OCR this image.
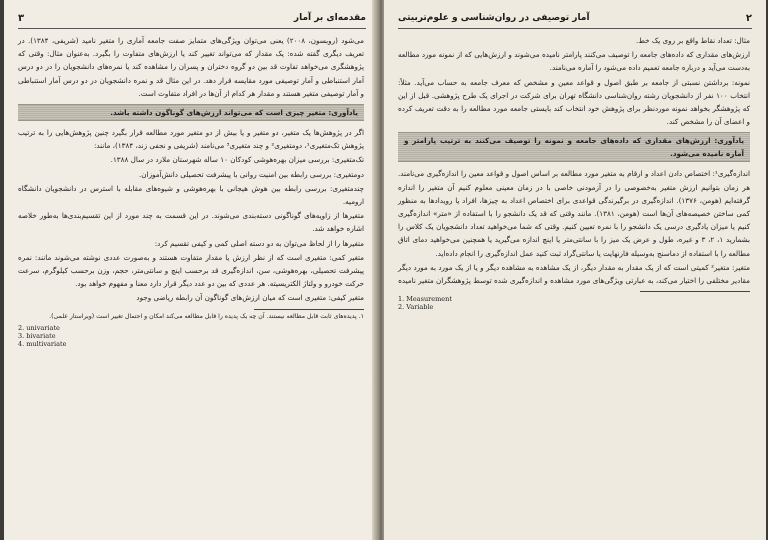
مقدمه‌ای بر آمار
۳

می‌شود (روبسون، ۲۰۰۸) یعنی می‌توان ویژگی‌های متمایز صفت جامعه آماری را متغیر نامید (شریفی، ۱۳۸۴). در تعریف دیگری گفته شده: یک مقدار که می‌تواند تغییر کند یا ارزش‌های متفاوت را بگیرد. به‌عنوان مثال: وقتی که پژوهشگری می‌خواهد تفاوت قد بین دو گروه دختران و پسران را مشاهده کند یا نمره‌های دانشجویان را در دو درس آمار استنباطی و آمار توصیفی مورد مقایسه قرار دهد. در این مثال قد و نمره دانشجویان در دو درس آمار استنباطی و آمار توصیفی متغیر هستند و مقدار هر کدام از آن‌ها در افراد متفاوت است.

یادآوری: متغیر چیزی است که می‌تواند ارزش‌های گوناگون داشته باشد.

اگر در پژوهش‌ها یک متغیر، دو متغیر و یا بیش از دو متغیر مورد مطالعه قرار بگیرد چنین پژوهش‌هایی را به ترتیب پژوهش تک‌متغیری¹، دومتغیری² و چند متغیری³ می‌نامند (شریفی و نجفی زند، ۱۳۸۴)، مانند:

تک‌متغیری: بررسی میزان بهره‌هوشی کودکان ۱۰ ساله شهرستان ملارد در سال ۱۳۸۸.

دومتغیری: بررسی رابطه بین امنیت روانی با پیشرفت تحصیلی دانش‌آموزان.

چندمتغیری: بررسی رابطه بین هوش هیجانی با بهره‌هوشی و شیوه‌های مقابله با استرس در دانشجویان دانشگاه ارومیه.

متغیرها از زاویه‌های گوناگونی دسته‌بندی می‌شوند. در این قسمت به چند مورد از این تقسیم‌بندی‌ها به‌طور خلاصه اشاره خواهد شد.

متغیرها را از لحاظ می‌توان به دو دسته اصلی کمی و کیفی تقسیم کرد:

متغیر کمی: متغیری است که از نظر ارزش یا مقدار متفاوت هستند و به‌صورت عددی نوشته می‌شوند مانند: نمره پیشرفت تحصیلی، بهره‌هوشی، سن، اندازه‌گیری قد برحسب اینچ و سانتی‌متر، حجم، وزن برحسب کیلوگرم، سرعت حرکت خودرو و ولتاژ الکتریسیته. هر عددی که بین دو عدد دیگر قرار دارد معنا و مفهوم خواهد بود.

متغیر کیفی: متغیری است که میان ارزش‌های گوناگون آن رابطه ریاضی وجود

۱. پدیده‌های ثابت قابل مطالعه نیستند. آن چه یک پدیده را قابل مطالعه می‌کند امکان و احتمال تغییر است (ویراستار علمی).
2. univariate
3. bivariate
4. multivariate
۲
آمار توصیفی در روان‌شناسی و علوم‌تربیتی

مثال: تعداد نقاط واقع بر روی یک خط.

ارزش‌های مقداری که داده‌های جامعه را توصیف می‌کنند پارامتر نامیده می‌شوند و ارزش‌هایی که از نمونه مورد مطالعه به‌دست می‌آید و درباره جامعه تعمیم داده می‌شود را آماره می‌نامند.

نمونه: برداشتن نسبتی از جامعه بر طبق اصول و قواعد معین و مشخص که معرف جامعه به حساب می‌آید. مثلاً: انتخاب ۱۰۰ نفر از دانشجویان رشته روان‌شناسی دانشگاه تهران برای شرکت در اجرای یک طرح پژوهشی. قبل از این که پژوهشگر بخواهد نمونه موردنظر برای پژوهش خود انتخاب کند بایستی جامعه مورد مطالعه را به دقت تعریف کرده و اعضای آن را مشخص کند.

یادآوری: ارزش‌های مقداری که داده‌های جامعه و نمونه را توصیف می‌کنند به ترتیب پارامتر و آماره نامیده می‌شود.

اندازه‌گیری¹: اختصاص دادن اعداد و ارقام به متغیر مورد مطالعه بر اساس اصول و قواعد معین را اندازه‌گیری می‌نامند. هر زمان بتوانیم ارزش متغیر به‌خصوصی را در آزمودنی خاصی با در زمان معینی معلوم کنیم آن متغیر را اندازه گرفته‌ایم (هومن، ۱۳۷۶). اندازه‌گیری در برگیرندگی قواعدی برای اختصاص اعداد به چیزها، افراد یا رویدادها به منظور کمی ساختن خصیصه‌های آن‌ها است (هومن، ۱۳۸۱). مانند وقتی که قد یک دانشجو را با استفاده از «متر» اندازه‌گیری کنیم یا میزان یادگیری درسی یک دانشجو را با نمره تعیین کنیم. وقتی که شما می‌خواهید تعداد دانشجویان یک کلاس را بشمارید ۱، ۲، ۳ و غیره، طول و عرض یک میز را با سانتی‌متر یا اینچ اندازه می‌گیرید یا همچنین می‌خواهید دمای اتاق مطالعه را با استفاده از دماسنج به‌وسیله فارنهایت یا سانتی‌گراد ثبت کنید عمل اندازه‌گیری را انجام داده‌اید.

متغیر: متغیر² کمیتی است که از یک مقدار به مقدار دیگر، از یک مشاهده به مشاهده دیگر و یا از یک مورد به مورد دیگر مقادیر مختلفی را اختیار می‌کند، به عبارتی ویژگی‌های مورد مشاهده و اندازه‌گیری شده توسط پژوهشگران متغیر نامیده

1. Measurement
2. Variable
